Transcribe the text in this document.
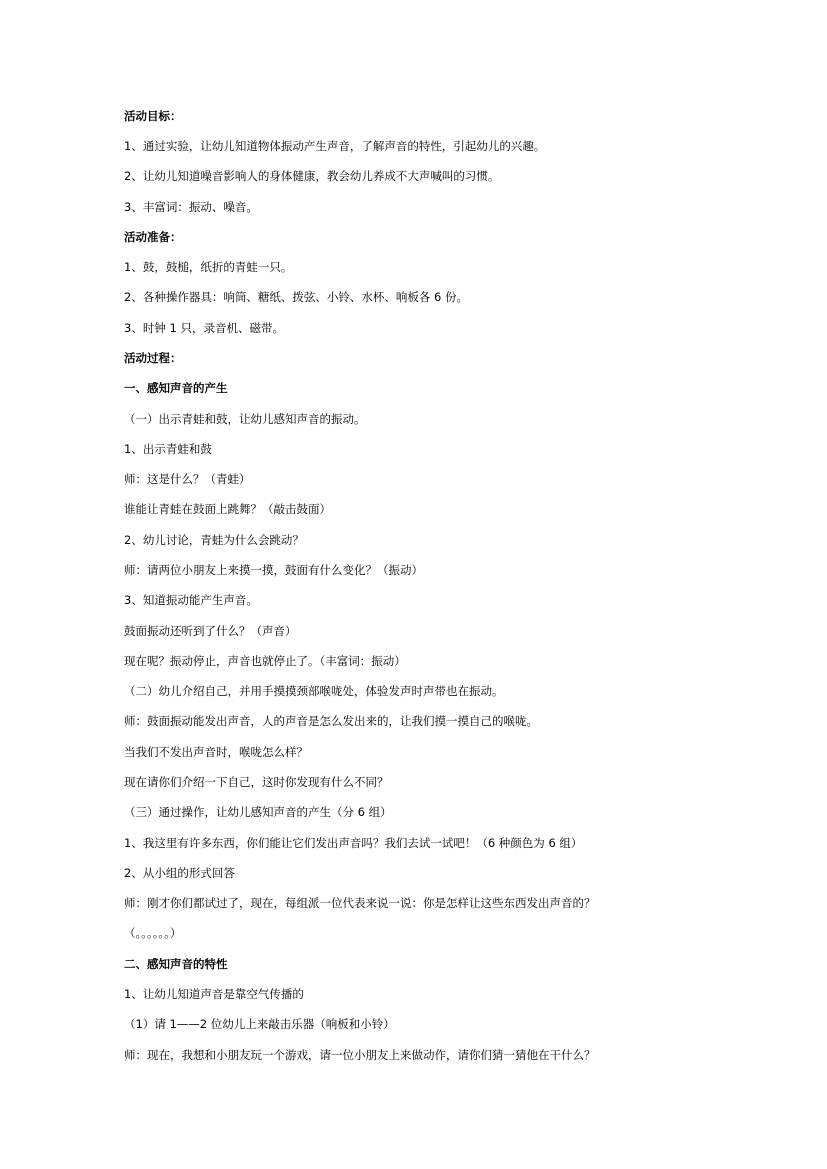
活动目标：
1、通过实验，让幼儿知道物体振动产生声音，了解声音的特性，引起幼儿的兴趣。
2、让幼儿知道噪音影响人的身体健康，教会幼儿养成不大声喊叫的习惯。
3、丰富词：振动、噪音。
活动准备：
1、鼓，鼓槌，纸折的青蛙一只。
2、各种操作器具：响筒、糖纸、拨弦、小铃、水杯、响板各 6 份。
3、时钟 1 只，录音机、磁带。
活动过程：
一、感知声音的产生
（一）出示青蛙和鼓，让幼儿感知声音的振动。
1、出示青蛙和鼓
师：这是什么？（青蛙）
谁能让青蛙在鼓面上跳舞？（敲击鼓面）
2、幼儿讨论，青蛙为什么会跳动？
师：请两位小朋友上来摸一摸，鼓面有什么变化？（振动）
3、知道振动能产生声音。
鼓面振动还听到了什么？（声音）
现在呢？振动停止，声音也就停止了。（丰富词：振动）
（二）幼儿介绍自己，并用手摸摸颈部喉咙处，体验发声时声带也在振动。
师：鼓面振动能发出声音，人的声音是怎么发出来的，让我们摸一摸自己的喉咙。
当我们不发出声音时，喉咙怎么样？
现在请你们介绍一下自己，这时你发现有什么不同？
（三）通过操作，让幼儿感知声音的产生（分 6 组）
1、我这里有许多东西，你们能让它们发出声音吗？我们去试一试吧！（6 种颜色为 6 组）
2、从小组的形式回答
师：刚才你们都试过了，现在，每组派一位代表来说一说：你是怎样让这些东西发出声音的？
（。。。。。。）
二、感知声音的特性
1、让幼儿知道声音是靠空气传播的
（1）请 1——2 位幼儿上来敲击乐器（响板和小铃）
师：现在，我想和小朋友玩一个游戏，请一位小朋友上来做动作，请你们猜一猜他在干什么？
